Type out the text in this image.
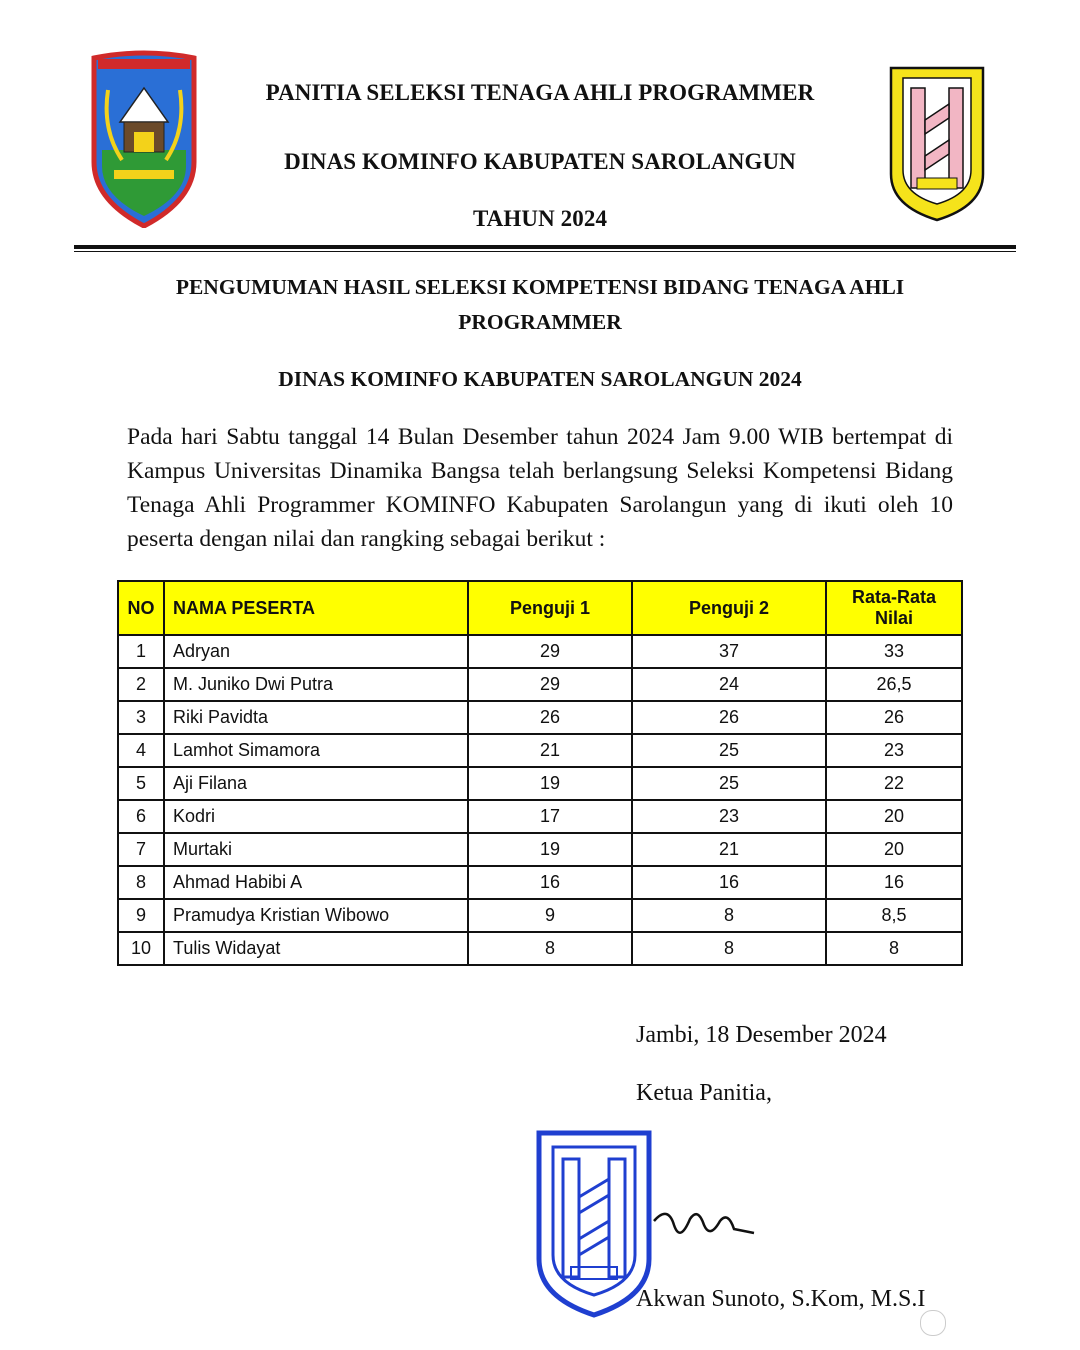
PANITIA SELEKSI TENAGA AHLI PROGRAMMER
DINAS KOMINFO KABUPATEN SAROLANGUN
TAHUN 2024
PENGUMUMAN HASIL SELEKSI KOMPETENSI BIDANG TENAGA AHLI
PROGRAMMER
DINAS KOMINFO KABUPATEN SAROLANGUN 2024
Pada hari Sabtu tanggal 14 Bulan Desember tahun 2024 Jam 9.00 WIB bertempat di Kampus Universitas Dinamika Bangsa telah berlangsung Seleksi Kompetensi Bidang Tenaga Ahli Programmer KOMINFO Kabupaten Sarolangun yang di ikuti oleh 10 peserta dengan nilai dan rangking sebagai berikut :
NO	NAMA PESERTA	Penguji 1	Penguji 2	Rata-Rata Nilai
1	Adryan	29	37	33
2	M. Juniko Dwi Putra	29	24	26,5
3	Riki Pavidta	26	26	26
4	Lamhot Simamora	21	25	23
5	Aji Filana	19	25	22
6	Kodri	17	23	20
7	Murtaki	19	21	20
8	Ahmad Habibi A	16	16	16
9	Pramudya Kristian Wibowo	9	8	8,5
10	Tulis Widayat	8	8	8
Jambi, 18 Desember 2024
Ketua Panitia,
Akwan Sunoto, S.Kom, M.S.I
